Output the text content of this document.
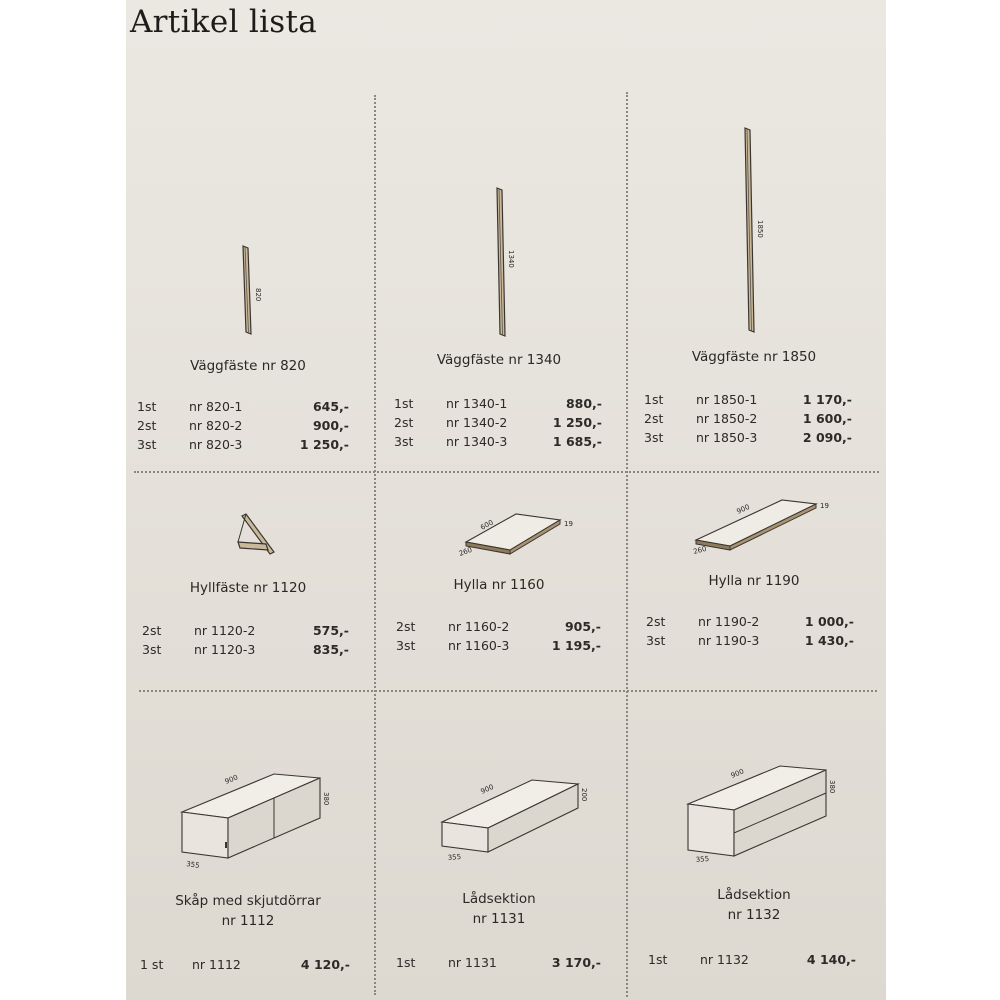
Artikel lista
820
Väggfäste nr 820
1st	nr 820-1	645,-
2st	nr 820-2	900,-
3st	nr 820-3	1 250,-
1340
Väggfäste nr 1340
1st	nr 1340-1	880,-
2st	nr 1340-2	1 250,-
3st	nr 1340-3	1 685,-
1850
Väggfäste nr 1850
1st	nr 1850-1	1 170,-
2st	nr 1850-2	1 600,-
3st	nr 1850-3	2 090,-
Hyllfäste nr 1120
2st	nr 1120-2	575,-
3st	nr 1120-3	835,-
600	19
260
Hylla nr 1160
2st	nr 1160-2	905,-
3st	nr 1160-3	1 195,-
900	19
260
Hylla nr 1190
2st	nr 1190-2	1 000,-
3st	nr 1190-3	1 430,-
900
380
355
Skåp med skjutdörrar
nr 1112
1 st nr 1112	4 120,-
900	200
355
Lådsektion
nr 1131
1st	nr 1131	3 170,-
900
380
355
Lådsektion
nr 1132
1st	nr 1132	4 140,-
